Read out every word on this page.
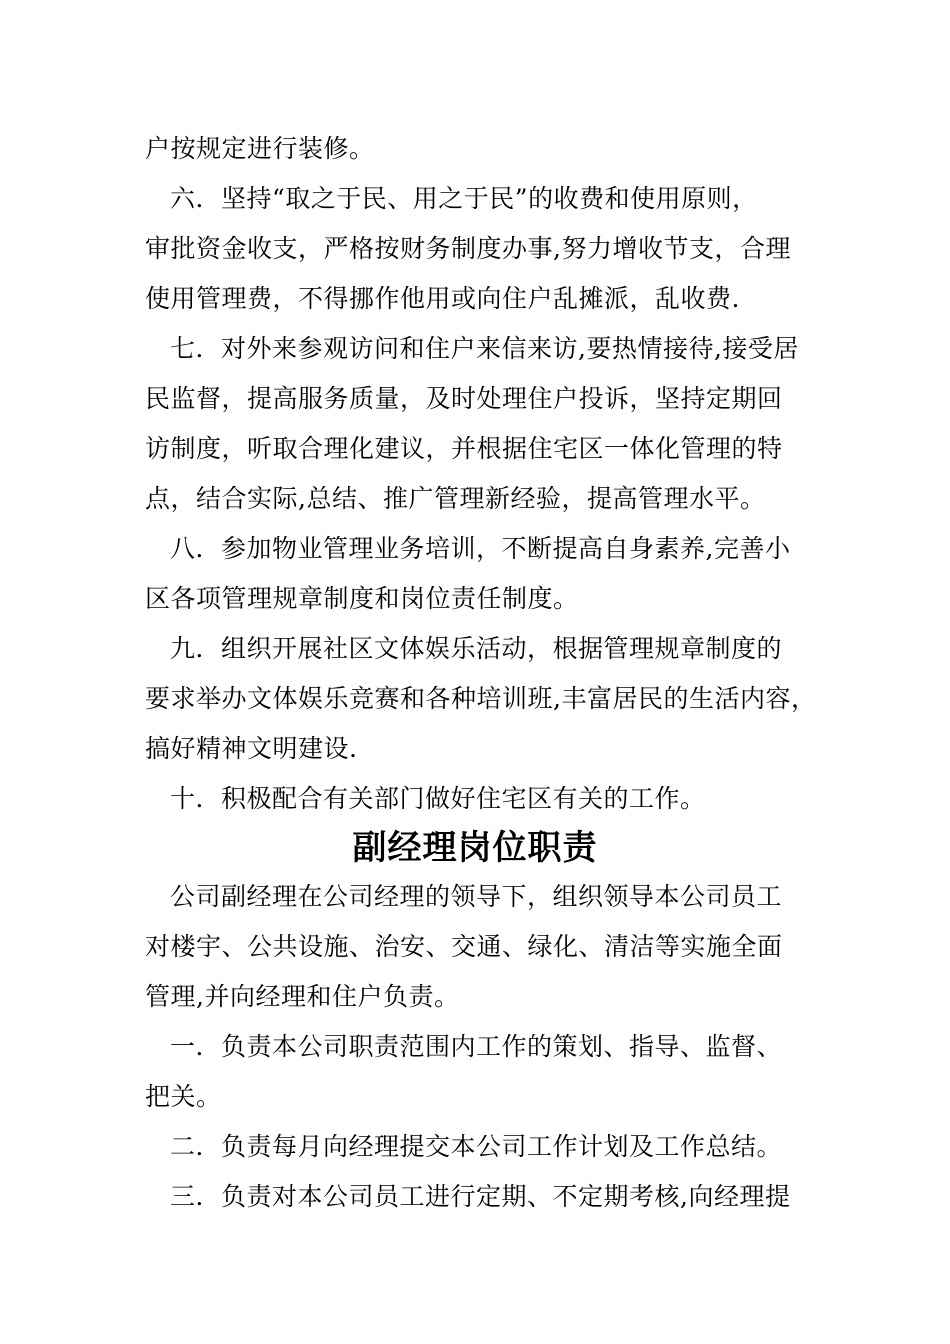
户按规定进行装修。
六．坚持“取之于民、用之于民”的收费和使用原则，
审批资金收支，严格按财务制度办事,努力增收节支，合理
使用管理费，不得挪作他用或向住户乱摊派，乱收费.
七．对外来参观访问和住户来信来访,要热情接待,接受居
民监督，提高服务质量，及时处理住户投诉，坚持定期回
访制度，听取合理化建议，并根据住宅区一体化管理的特
点，结合实际,总结、推广管理新经验，提高管理水平。
八．参加物业管理业务培训，不断提高自身素养,完善小
区各项管理规章制度和岗位责任制度。
九．组织开展社区文体娱乐活动，根据管理规章制度的
要求举办文体娱乐竞赛和各种培训班,丰富居民的生活内容，
搞好精神文明建设.
十．积极配合有关部门做好住宅区有关的工作。
副经理岗位职责
公司副经理在公司经理的领导下，组织领导本公司员工
对楼宇、公共设施、治安、交通、绿化、清洁等实施全面
管理,并向经理和住户负责。
一．负责本公司职责范围内工作的策划、指导、监督、
把关。
二．负责每月向经理提交本公司工作计划及工作总结。
三．负责对本公司员工进行定期、不定期考核,向经理提
